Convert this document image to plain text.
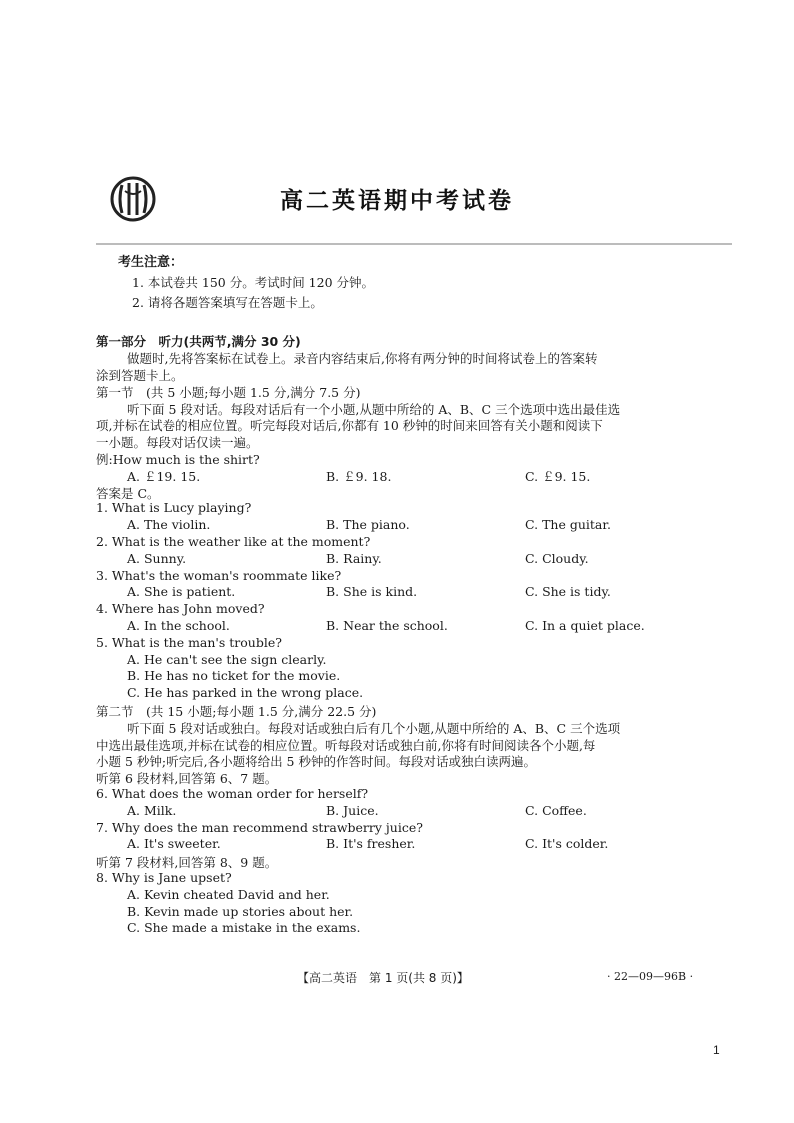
高二英语期中考试卷
考生注意：
1. 本试卷共 150 分。考试时间 120 分钟。
2. 请将各题答案填写在答题卡上。
第一部分　听力(共两节,满分 30 分)
做题时,先将答案标在试卷上。录音内容结束后,你将有两分钟的时间将试卷上的答案转
涂到答题卡上。
第一节　(共 5 小题;每小题 1.5 分,满分 7.5 分)
听下面 5 段对话。每段对话后有一个小题,从题中所给的 A、B、C 三个选项中选出最佳选
项,并标在试卷的相应位置。听完每段对话后,你都有 10 秒钟的时间来回答有关小题和阅读下
一小题。每段对话仅读一遍。
例:How much is the shirt?
A. ￡19. 15.	B. ￡9. 18.	C. ￡9. 15.
答案是 C。
1. What is Lucy playing?
A. The violin.	B. The piano.	C. The guitar.
2. What is the weather like at the moment?
A. Sunny.	B. Rainy.	C. Cloudy.
3. What's the woman's roommate like?
A. She is patient.	B. She is kind.	C. She is tidy.
4. Where has John moved?
A. In the school.	B. Near the school.	C. In a quiet place.
5. What is the man's trouble?
A. He can't see the sign clearly.
B. He has no ticket for the movie.
C. He has parked in the wrong place.
第二节　(共 15 小题;每小题 1.5 分,满分 22.5 分)
听下面 5 段对话或独白。每段对话或独白后有几个小题,从题中所给的 A、B、C 三个选项
中选出最佳选项,并标在试卷的相应位置。听每段对话或独白前,你将有时间阅读各个小题,每
小题 5 秒钟;听完后,各小题将给出 5 秒钟的作答时间。每段对话或独白读两遍。
听第 6 段材料,回答第 6、7 题。
6. What does the woman order for herself?
A. Milk.	B. Juice.	C. Coffee.
7. Why does the man recommend strawberry juice?
A. It's sweeter.	B. It's fresher.	C. It's colder.
听第 7 段材料,回答第 8、9 题。
8. Why is Jane upset?
A. Kevin cheated David and her.
B. Kevin made up stories about her.
C. She made a mistake in the exams.
【高二英语　第 1 页(共 8 页)】	· 22—09—96B ·
1
